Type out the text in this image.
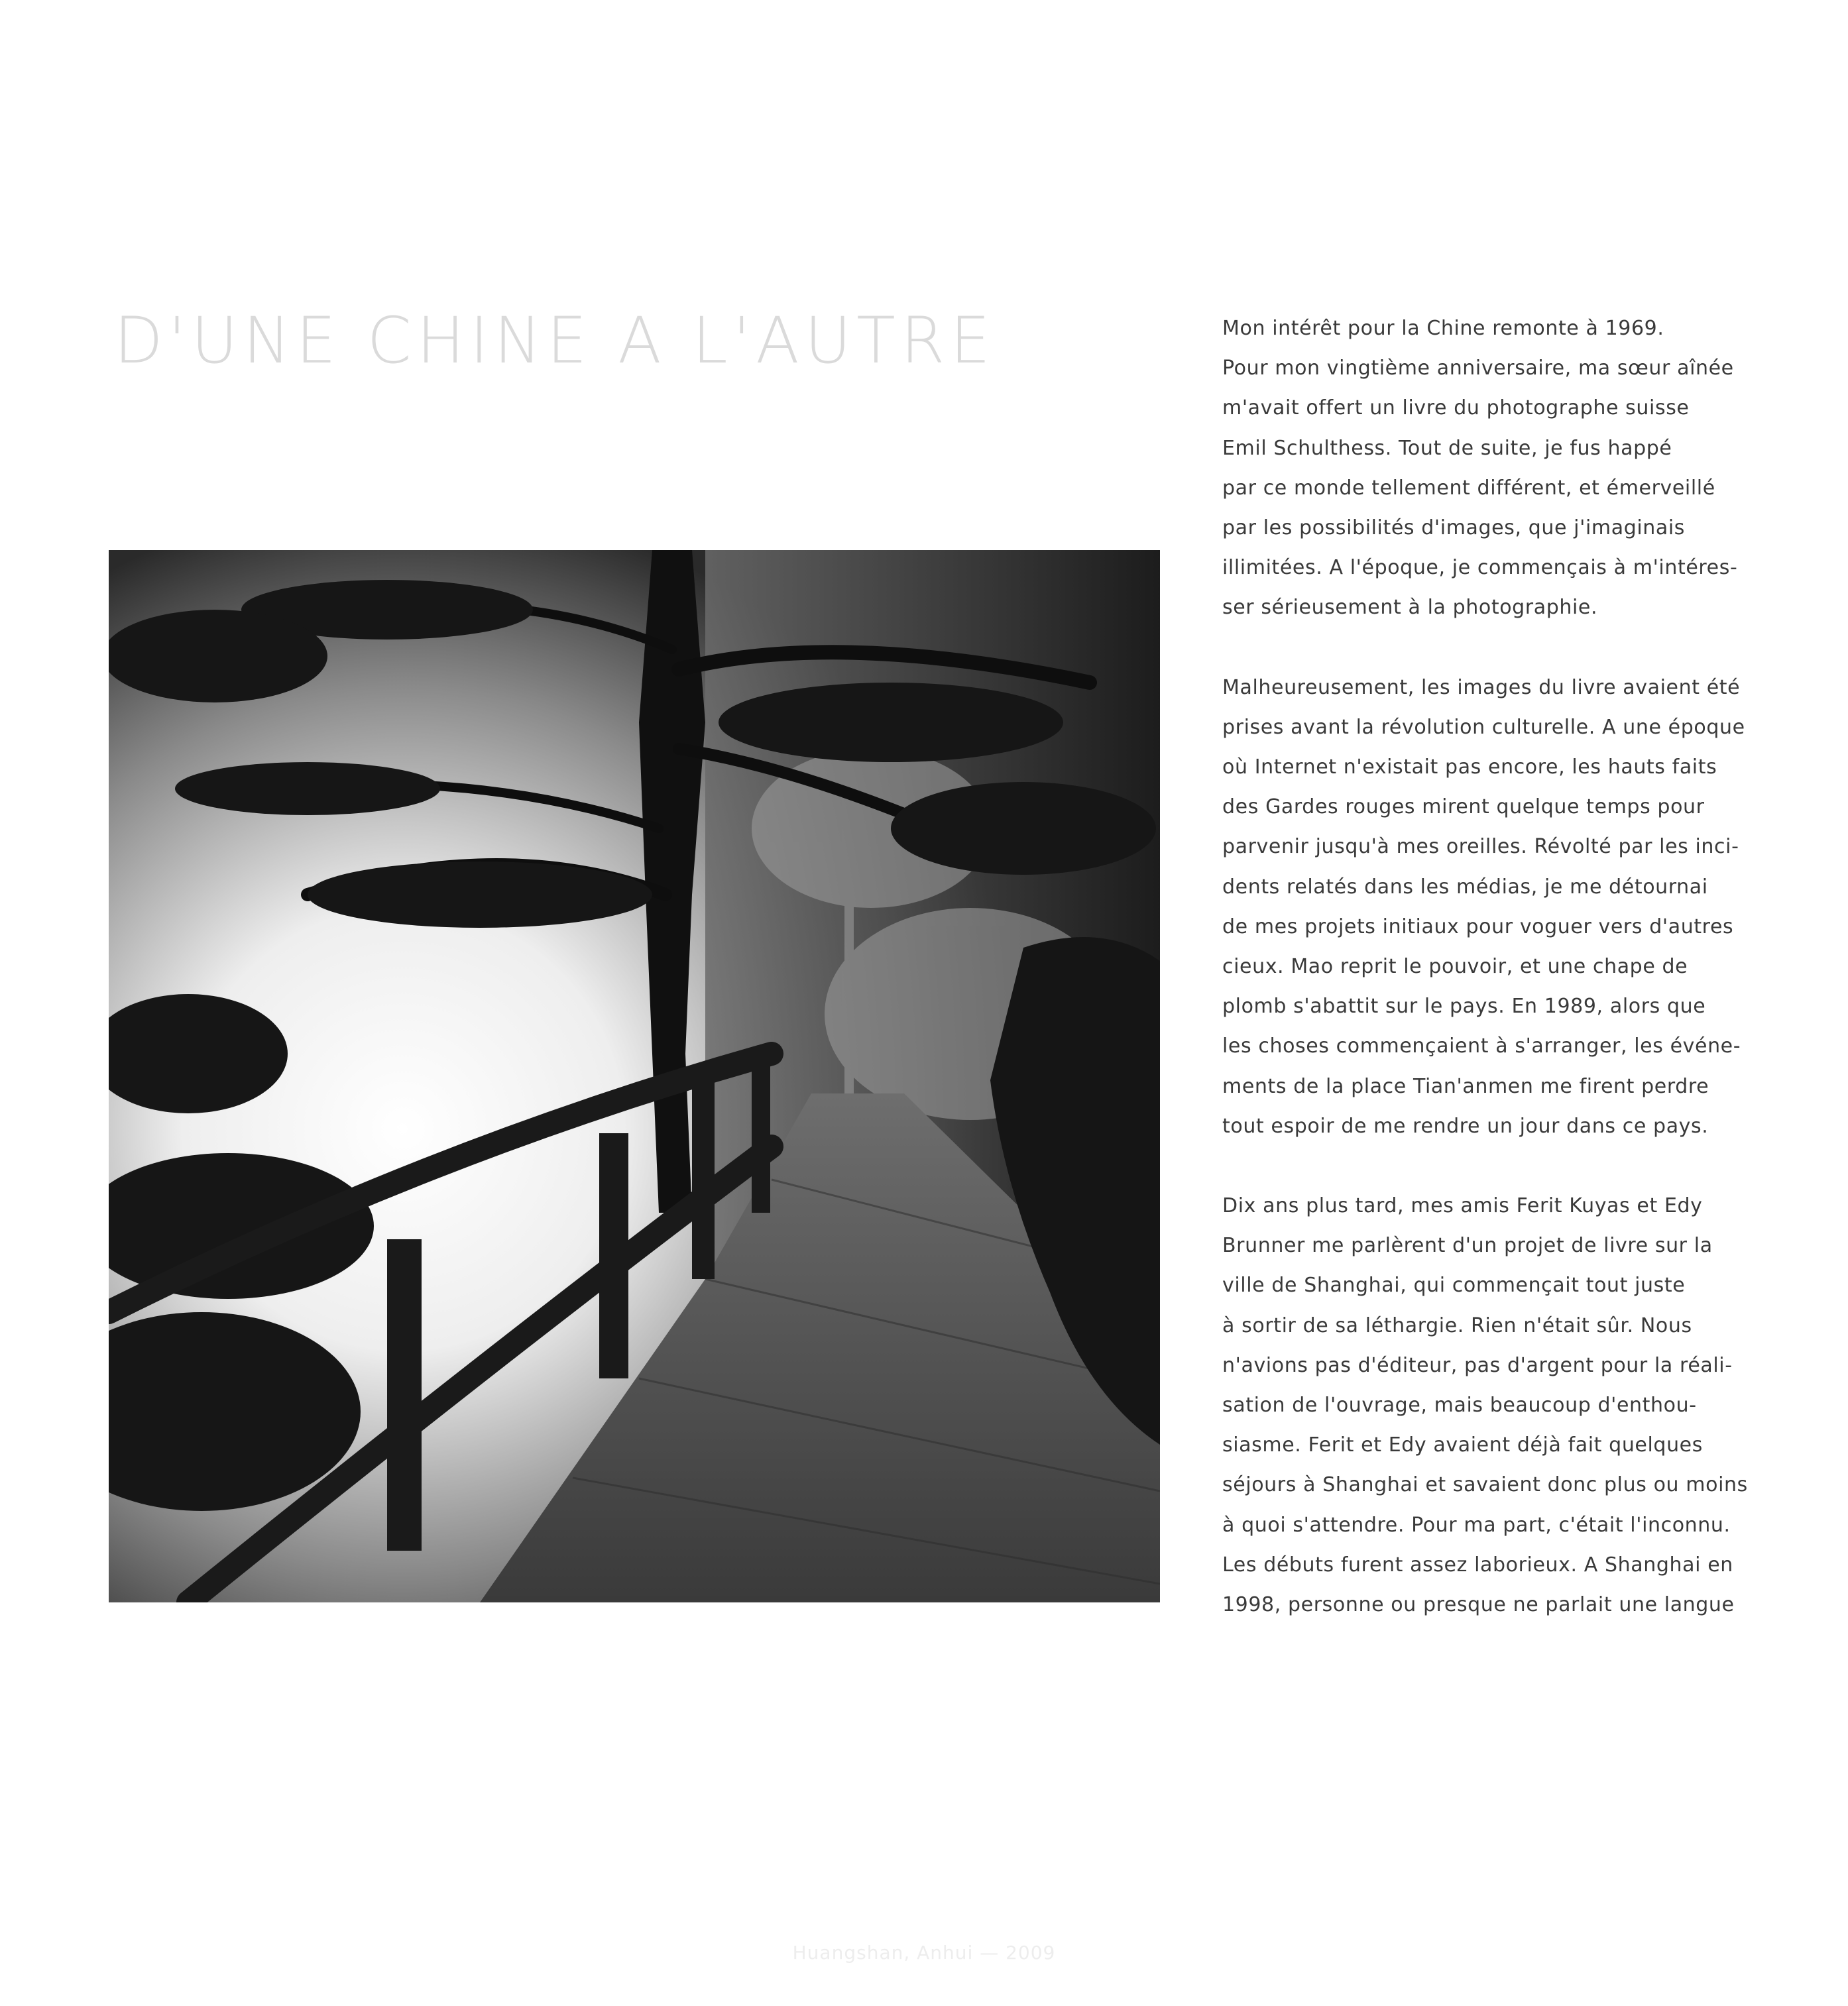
D'UNE CHINE A L'AUTRE	Mon intérêt pour la Chine remonte à 1969.
Pour mon vingtième anniversaire, ma sœur aînée
m'avait offert un livre du photographe suisse
Emil Schulthess. Tout de suite, je fus happé
par ce monde tellement différent, et émerveillé
par les possibilités d'images, que j'imaginais
illimitées. A l'époque, je commençais à m'intéres-
ser sérieusement à la photographie.

Malheureusement, les images du livre avaient été
prises avant la révolution culturelle. A une époque
où Internet n'existait pas encore, les hauts faits
des Gardes rouges mirent quelque temps pour
parvenir jusqu'à mes oreilles. Révolté par les inci-
dents relatés dans les médias, je me détournai
de mes projets initiaux pour voguer vers d'autres
cieux. Mao reprit le pouvoir, et une chape de
plomb s'abattit sur le pays. En 1989, alors que
les choses commençaient à s'arranger, les événe-
ments de la place Tian'anmen me firent perdre
tout espoir de me rendre un jour dans ce pays.

Dix ans plus tard, mes amis Ferit Kuyas et Edy
Brunner me parlèrent d'un projet de livre sur la
ville de Shanghai, qui commençait tout juste
à sortir de sa léthargie. Rien n'était sûr. Nous
n'avions pas d'éditeur, pas d'argent pour la réali-
sation de l'ouvrage, mais beaucoup d'enthou-
siasme. Ferit et Edy avaient déjà fait quelques
séjours à Shanghai et savaient donc plus ou moins
à quoi s'attendre. Pour ma part, c'était l'inconnu.
Les débuts furent assez laborieux. A Shanghai en
1998, personne ou presque ne parlait une langue

Huangshan, Anhui — 2009
